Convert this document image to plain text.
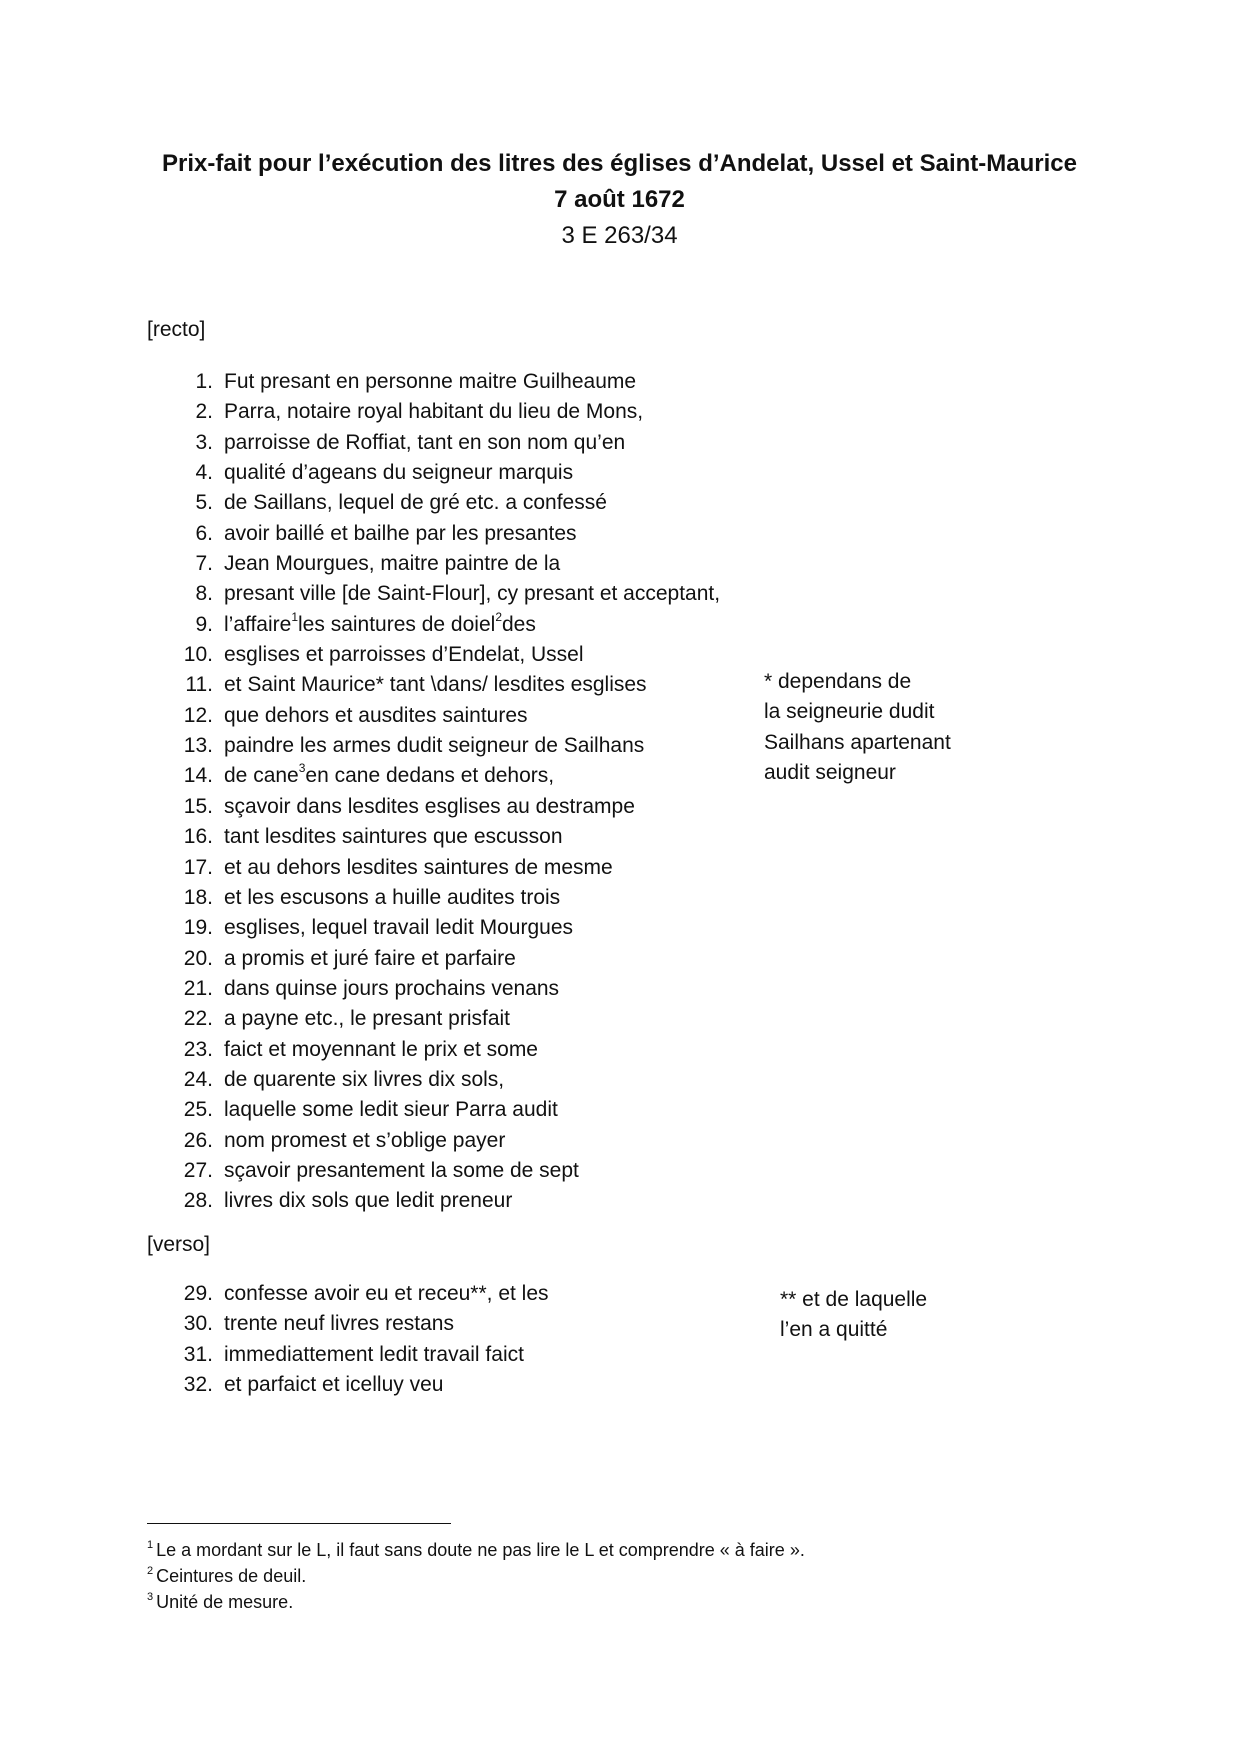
Prix-fait pour l’exécution des litres des églises d’Andelat, Ussel et Saint-Maurice
7 août 1672
3 E 263/34
[recto]
1. Fut presant en personne maitre Guilheaume
2. Parra, notaire royal habitant du lieu de Mons,
3. parroisse de Roffiat, tant en son nom qu’en
4. qualité d’ageans du seigneur marquis
5. de Saillans, lequel de gré etc. a confessé
6. avoir baillé et bailhe par les presantes
7. Jean Mourgues, maitre paintre de la
8. presant ville [de Saint-Flour], cy presant et acceptant,
9. l’affaire$^1$les saintures de doiel$^2$des
10. esglises et parroisses d’Endelat, Ussel
11. et Saint Maurice* tant \dans/ lesdites esglises
12. que dehors et ausdites saintures
13. paindre les armes dudit seigneur de Sailhans
14. de cane$^3$en cane dedans et dehors,
15. sçavoir dans lesdites esglises au destrampe
16. tant lesdites saintures que escusson
17. et au dehors lesdites saintures de mesme
18. et les escusons a huille audites trois
19. esglises, lequel travail ledit Mourgues
20. a promis et juré faire et parfaire
21. dans quinse jours prochains venans
22. a payne etc., le presant prisfait
23. faict et moyennant le prix et some
24. de quarente six livres dix sols,
25. laquelle some ledit sieur Parra audit
26. nom promest et s’oblige payer
27. sçavoir presantement la some de sept
28. livres dix sols que ledit preneur
* dependans de
la seigneurie dudit
Sailhans apartenant
audit seigneur
[verso]
29. confesse avoir eu et receu**, et les
30. trente neuf livres restans
31. immediattement ledit travail faict
32. et parfaict et icelluy veu
** et de laquelle
l’en a quitté
$^1$ Le a mordant sur le L, il faut sans doute ne pas lire le L et comprendre « à faire ».
$^2$ Ceintures de deuil.
$^3$ Unité de mesure.
